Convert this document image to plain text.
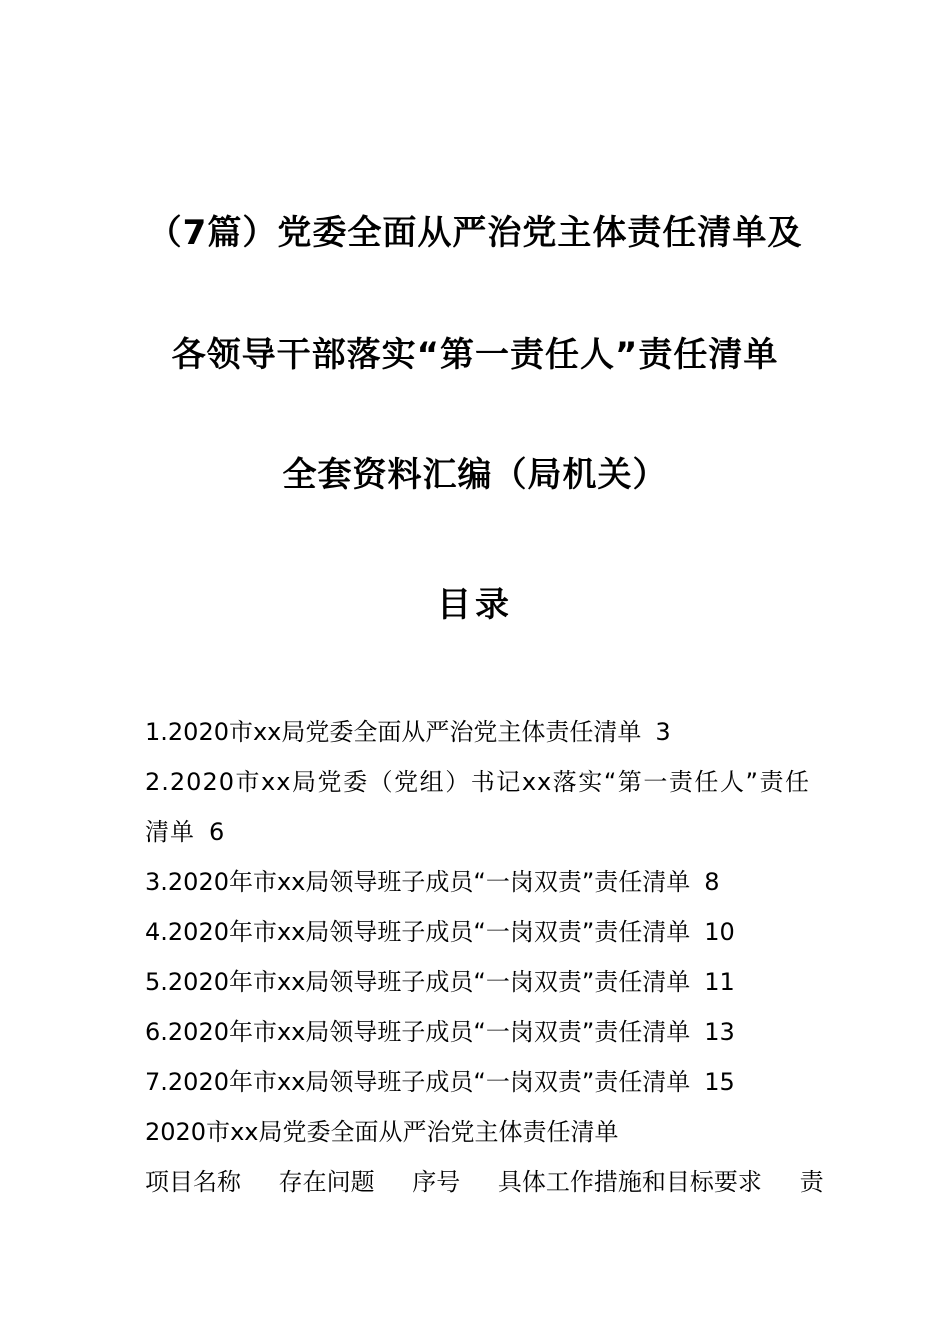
（7篇）党委全面从严治党主体责任清单及
各领导干部落实“第一责任人”责任清单
全套资料汇编（局机关）
目录
1.2020市xx局党委全面从严治党主体责任清单 3
2.2020市xx局党委（党组）书记xx落实“第一责任人”责任清单 6
3.2020年市xx局领导班子成员“一岗双责”责任清单 8
4.2020年市xx局领导班子成员“一岗双责”责任清单 10
5.2020年市xx局领导班子成员“一岗双责”责任清单 11
6.2020年市xx局领导班子成员“一岗双责”责任清单 13
7.2020年市xx局领导班子成员“一岗双责”责任清单 15
2020市xx局党委全面从严治党主体责任清单
项目名称 存在问题 序号 具体工作措施和目标要求 责
